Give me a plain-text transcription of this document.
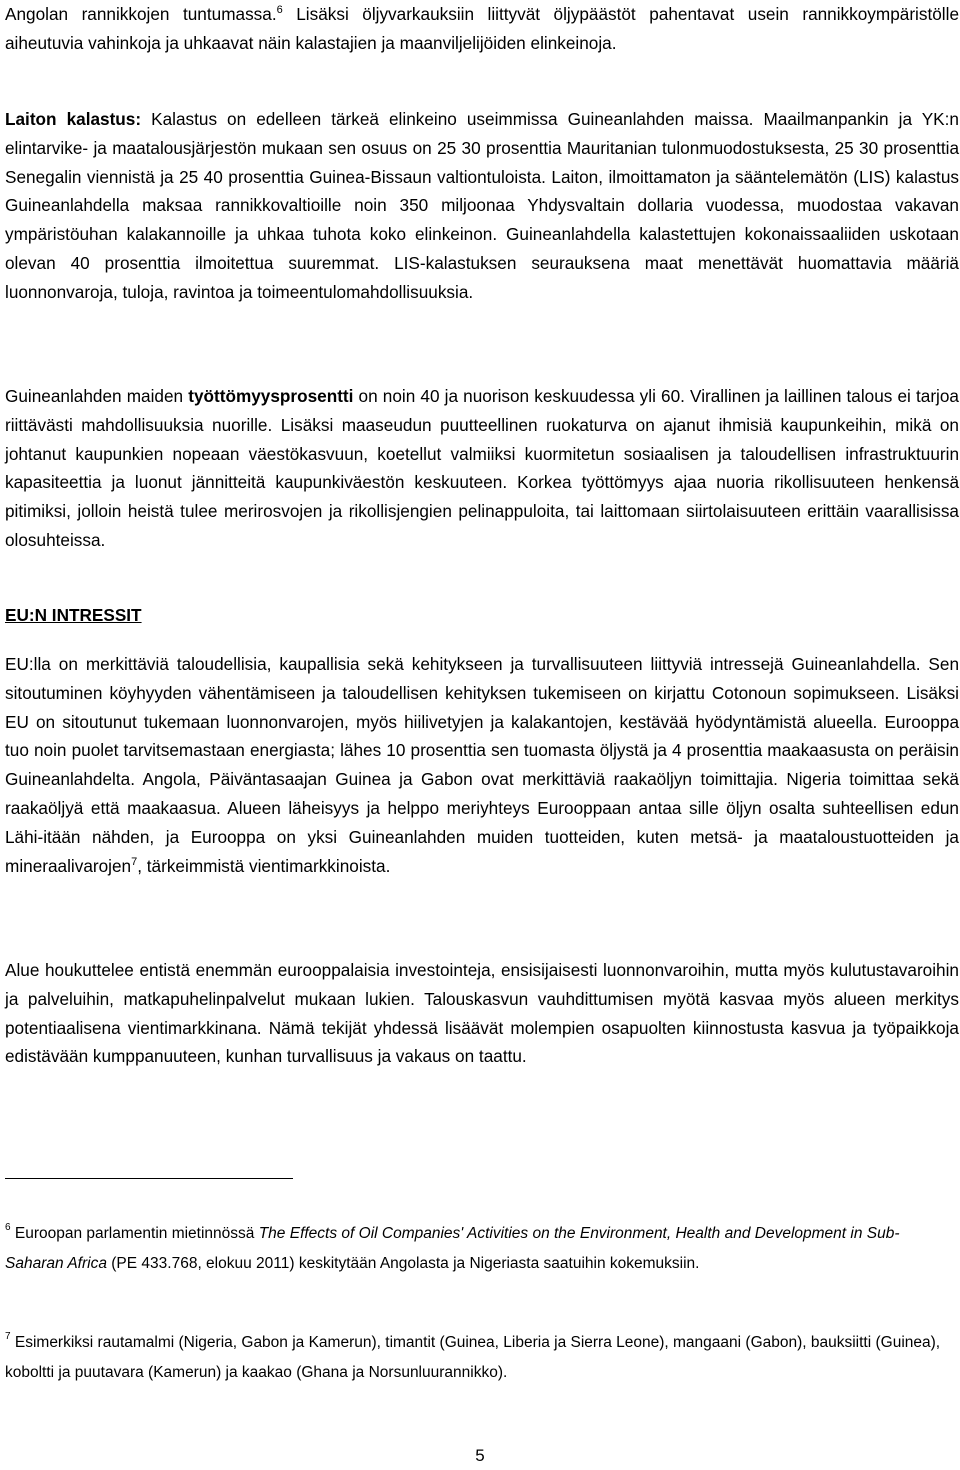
Angolan rannikkojen tuntumassa.$^6$ Lisäksi öljyvarkauksiin liittyvät öljypäästöt pahentavat usein rannikkoympäristölle aiheutuvia vahinkoja ja uhkaavat näin kalastajien ja maanviljelijöiden elinkeinoja.

Laiton kalastus: Kalastus on edelleen tärkeä elinkeino useimmissa Guineanlahden maissa. Maailmanpankin ja YK:n elintarvike- ja maatalousjärjestön mukaan sen osuus on 25 30 prosenttia Mauritanian tulonmuodostuksesta, 25 30 prosenttia Senegalin viennistä ja 25 40 prosenttia Guinea-Bissaun valtiontuloista. Laiton, ilmoittamaton ja sääntelemätön (LIS) kalastus Guineanlahdella maksaa rannikkovaltioille noin 350 miljoonaa Yhdysvaltain dollaria vuodessa, muodostaa vakavan ympäristöuhan kalakannoille ja uhkaa tuhota koko elinkeinon. Guineanlahdella kalastettujen kokonaissaaliiden uskotaan olevan 40 prosenttia ilmoitettua suuremmat. LIS-kalastuksen seurauksena maat menettävät huomattavia määriä luonnonvaroja, tuloja, ravintoa ja toimeentulomahdollisuuksia.

Guineanlahden maiden työttömyysprosentti on noin 40 ja nuorison keskuudessa yli 60. Virallinen ja laillinen talous ei tarjoa riittävästi mahdollisuuksia nuorille. Lisäksi maaseudun puutteellinen ruokaturva on ajanut ihmisiä kaupunkeihin, mikä on johtanut kaupunkien nopeaan väestökasvuun, koetellut valmiiksi kuormitetun sosiaalisen ja taloudellisen infrastruktuurin kapasiteettia ja luonut jännitteitä kaupunkiväestön keskuuteen. Korkea työttömyys ajaa nuoria rikollisuuteen henkensä pitimiksi, jolloin heistä tulee merirosvojen ja rikollisjengien pelinappuloita, tai laittomaan siirtolaisuuteen erittäin vaarallisissa olosuhteissa.

EU:N INTRESSIT

EU:lla on merkittäviä taloudellisia, kaupallisia sekä kehitykseen ja turvallisuuteen liittyviä intressejä Guineanlahdella. Sen sitoutuminen köyhyyden vähentämiseen ja taloudellisen kehityksen tukemiseen on kirjattu Cotonoun sopimukseen. Lisäksi EU on sitoutunut tukemaan luonnonvarojen, myös hiilivetyjen ja kalakantojen, kestävää hyödyntämistä alueella. Eurooppa tuo noin puolet tarvitsemastaan energiasta; lähes 10 prosenttia sen tuomasta öljystä ja 4 prosenttia maakaasusta on peräisin Guineanlahdelta. Angola, Päiväntasaajan Guinea ja Gabon ovat merkittäviä raakaöljyn toimittajia. Nigeria toimittaa sekä raakaöljyä että maakaasua. Alueen läheisyys ja helppo meriyhteys Eurooppaan antaa sille öljyn osalta suhteellisen edun Lähi-itään nähden, ja Eurooppa on yksi Guineanlahden muiden tuotteiden, kuten metsä- ja maataloustuotteiden ja mineraalivarojen$^7$, tärkeimmistä vientimarkkinoista.

Alue houkuttelee entistä enemmän eurooppalaisia investointeja, ensisijaisesti luonnonvaroihin, mutta myös kulutustavaroihin ja palveluihin, matkapuhelinpalvelut mukaan lukien. Talouskasvun vauhdittumisen myötä kasvaa myös alueen merkitys potentiaalisena vientimarkkinana. Nämä tekijät yhdessä lisäävät molempien osapuolten kiinnostusta kasvua ja työpaikkoja edistävään kumppanuuteen, kunhan turvallisuus ja vakaus on taattu.

$^6$ Euroopan parlamentin mietinnössä The Effects of Oil Companies' Activities on the Environment, Health and Development in Sub-Saharan Africa (PE 433.768, elokuu 2011) keskitytään Angolasta ja Nigeriasta saatuihin kokemuksiin.
$^7$ Esimerkiksi rautamalmi (Nigeria, Gabon ja Kamerun), timantit (Guinea, Liberia ja Sierra Leone), mangaani (Gabon), bauksiitti (Guinea), koboltti ja puutavara (Kamerun) ja kaakao (Ghana ja Norsunluurannikko).
5
